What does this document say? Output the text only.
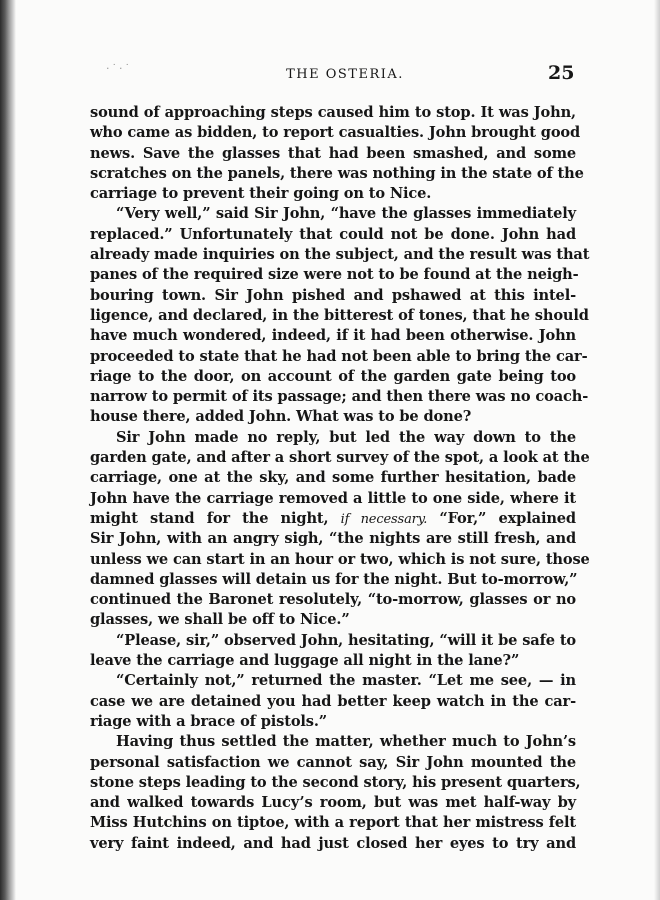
·˙·˙	THE OSTERIA.	25
sound of approaching steps caused him to stop. It was John,
who came as bidden, to report casualties. John brought good
news. Save the glasses that had been smashed, and some
scratches on the panels, there was nothing in the state of the
carriage to prevent their going on to Nice.
“Very well,” said Sir John, “have the glasses immediately
replaced.” Unfortunately that could not be done. John had
already made inquiries on the subject, and the result was that
panes of the required size were not to be found at the neigh-
bouring town. Sir John pished and pshawed at this intel-
ligence, and declared, in the bitterest of tones, that he should
have much wondered, indeed, if it had been otherwise. John
proceeded to state that he had not been able to bring the car-
riage to the door, on account of the garden gate being too
narrow to permit of its passage; and then there was no coach-
house there, added John. What was to be done?
Sir John made no reply, but led the way down to the
garden gate, and after a short survey of the spot, a look at the
carriage, one at the sky, and some further hesitation, bade
John have the carriage removed a little to one side, where it
might stand for the night, if necessary. “For,” explained
Sir John, with an angry sigh, “the nights are still fresh, and
unless we can start in an hour or two, which is not sure, those
damned glasses will detain us for the night. But to-morrow,”
continued the Baronet resolutely, “to-morrow, glasses or no
glasses, we shall be off to Nice.”
“Please, sir,” observed John, hesitating, “will it be safe to
leave the carriage and luggage all night in the lane?”
“Certainly not,” returned the master. “Let me see, — in
case we are detained you had better keep watch in the car-
riage with a brace of pistols.”
Having thus settled the matter, whether much to John’s
personal satisfaction we cannot say, Sir John mounted the
stone steps leading to the second story, his present quarters,
and walked towards Lucy’s room, but was met half-way by
Miss Hutchins on tiptoe, with a report that her mistress felt
very faint indeed, and had just closed her eyes to try and
